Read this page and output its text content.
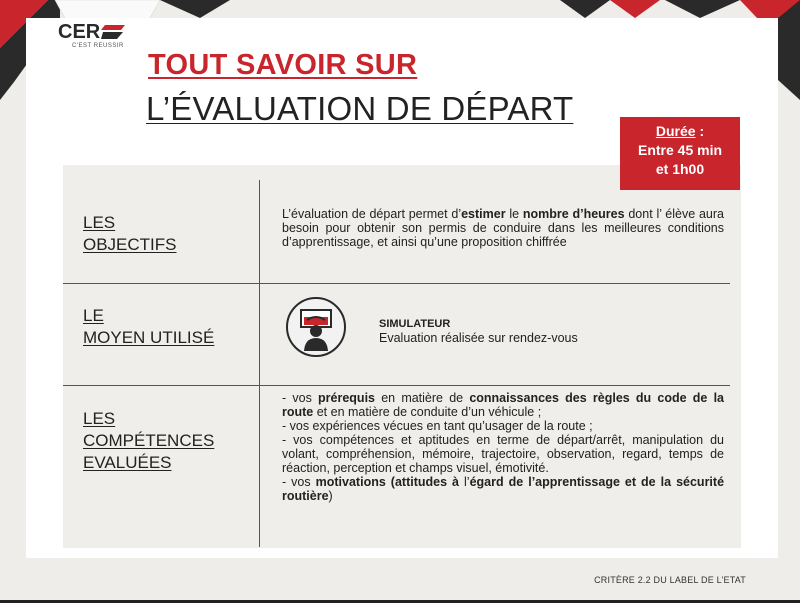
CER
C'EST REUSSIR
TOUT SAVOIR SUR
L’ÉVALUATION DE DÉPART
Durée :
Entre 45 min
et 1h00
LES
OBJECTIFS
L’évaluation de départ permet d’estimer le nombre d’heures dont l’ élève aura besoin pour obtenir son permis de conduire dans les meilleures conditions d’apprentissage, et ainsi qu’une proposition chiffrée
LE
MOYEN UTILISÉ
SIMULATEUR
Evaluation réalisée sur rendez-vous
LES
COMPÉTENCES
EVALUÉES
- vos prérequis en matière de connaissances des règles du code de la route et en matière de conduite d’un véhicule ;
- vos expériences vécues en tant qu’usager de la route ;
- vos compétences et aptitudes en terme de départ/arrêt, manipulation du volant, compréhension, mémoire, trajectoire, observation, regard, temps de réaction, perception et champs visuel, émotivité.
- vos motivations (attitudes à l’égard de l’apprentissage et de la sécurité routière)
CRITÈRE 2.2 DU LABEL DE L’ETAT
